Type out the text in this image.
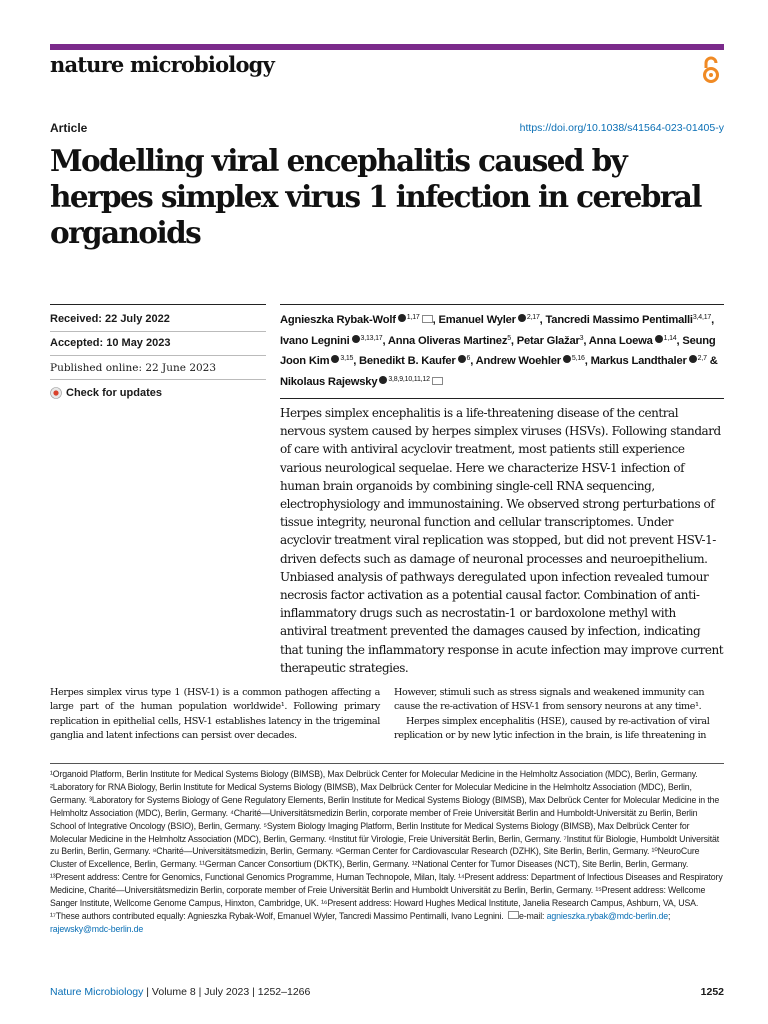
nature microbiology
Article	https://doi.org/10.1038/s41564-023-01405-y
Modelling viral encephalitis caused by herpes simplex virus 1 infection in cerebral organoids
Received: 22 July 2022
Accepted: 10 May 2023
Published online: 22 June 2023
Check for updates
Agnieszka Rybak-Wolf $^{1,17}$ , Emanuel Wyler $^{2,17}$, Tancredi Massimo Pentimalli$^{3,4,17}$, Ivano Legnini $^{3,13,17}$, Anna Oliveras Martinez$^5$, Petar Glažar$^3$, Anna Loewa $^{1,14}$, Seung Joon Kim $^{3,15}$, Benedikt B. Kaufer $^6$, Andrew Woehler $^{5,16}$, Markus Landthaler $^{2,7}$ & Nikolaus Rajewsky $^{3,8,9,10,11,12}$

Herpes simplex encephalitis is a life-threatening disease of the central nervous system caused by herpes simplex viruses (HSVs). Following standard of care with antiviral acyclovir treatment, most patients still experience various neurological sequelae. Here we characterize HSV-1 infection of human brain organoids by combining single-cell RNA sequencing, electrophysiology and immunostaining. We observed strong perturbations of tissue integrity, neuronal function and cellular transcriptomes. Under acyclovir treatment viral replication was stopped, but did not prevent HSV-1-driven defects such as damage of neuronal processes and neuroepithelium. Unbiased analysis of pathways deregulated upon infection revealed tumour necrosis factor activation as a potential causal factor. Combination of anti-inflammatory drugs such as necrostatin-1 or bardoxolone methyl with antiviral treatment prevented the damages caused by infection, indicating that tuning the inflammatory response in acute infection may improve current therapeutic strategies.

Herpes simplex virus type 1 (HSV-1) is a common pathogen affecting a large part of the human population worldwide¹. Following primary replication in epithelial cells, HSV-1 establishes latency in the trigeminal ganglia and latent infections can persist over decades.

However, stimuli such as stress signals and weakened immunity can cause the re-activation of HSV-1 from sensory neurons at any time¹.

Herpes simplex encephalitis (HSE), caused by re-activation of viral replication or by new lytic infection in the brain, is life threatening in

¹Organoid Platform, Berlin Institute for Medical Systems Biology (BIMSB), Max Delbrück Center for Molecular Medicine in the Helmholtz Association (MDC), Berlin, Germany. ²Laboratory for RNA Biology, Berlin Institute for Medical Systems Biology (BIMSB), Max Delbrück Center for Molecular Medicine in the Helmholtz Association (MDC), Berlin, Germany. ³Laboratory for Systems Biology of Gene Regulatory Elements, Berlin Institute for Medical Systems Biology (BIMSB), Max Delbrück Center for Molecular Medicine in the Helmholtz Association (MDC), Berlin, Germany. ⁴Charité—Universitätsmedizin Berlin, corporate member of Freie Universität Berlin and Humboldt-Universität zu Berlin, Berlin School of Integrative Oncology (BSIO), Berlin, Germany. ⁵System Biology Imaging Platform, Berlin Institute for Medical Systems Biology (BIMSB), Max Delbrück Center for Molecular Medicine in the Helmholtz Association (MDC), Berlin, Germany. ⁶Institut für Virologie, Freie Universität Berlin, Berlin, Germany. ⁷Institut für Biologie, Humboldt Universität zu Berlin, Berlin, Germany. ⁸Charité—Universitätsmedizin, Berlin, Germany. ⁹German Center for Cardiovascular Research (DZHK), Site Berlin, Berlin, Germany. ¹⁰NeuroCure Cluster of Excellence, Berlin, Germany. ¹¹German Cancer Consortium (DKTK), Berlin, Germany. ¹²National Center for Tumor Diseases (NCT), Site Berlin, Berlin, Germany. ¹³Present address: Centre for Genomics, Functional Genomics Programme, Human Technopole, Milan, Italy. ¹⁴Present address: Department of Infectious Diseases and Respiratory Medicine, Charité—Universitätsmedizin Berlin, corporate member of Freie Universität Berlin and Humboldt Universität zu Berlin, Berlin, Germany. ¹⁵Present address: Wellcome Sanger Institute, Wellcome Genome Campus, Hinxton, Cambridge, UK. ¹⁶Present address: Howard Hughes Medical Institute, Janelia Research Campus, Ashburn, VA, USA. ¹⁷These authors contributed equally: Agnieszka Rybak-Wolf, Emanuel Wyler, Tancredi Massimo Pentimalli, Ivano Legnini. e-mail: agnieszka.rybak@mdc-berlin.de; rajewsky@mdc-berlin.de

Nature Microbiology | Volume 8 | July 2023 | 1252–1266	1252
